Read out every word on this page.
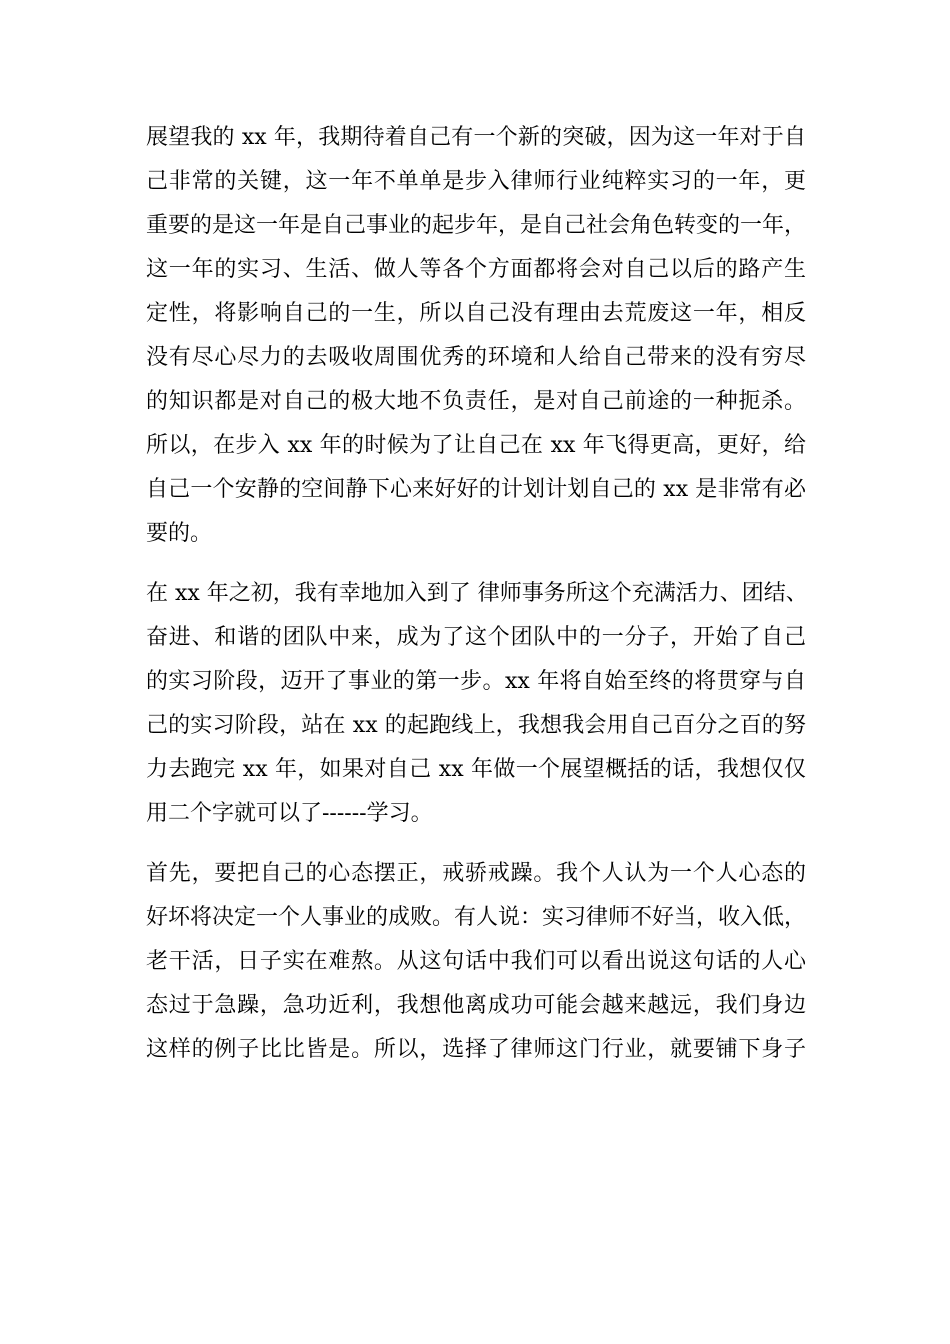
展望我的 xx 年，我期待着自己有一个新的突破，因为这一年对于自
己非常的关键，这一年不单单是步入律师行业纯粹实习的一年，更
重要的是这一年是自己事业的起步年，是自己社会角色转变的一年，
这一年的实习、生活、做人等各个方面都将会对自己以后的路产生
定性，将影响自己的一生，所以自己没有理由去荒废这一年，相反
没有尽心尽力的去吸收周围优秀的环境和人给自己带来的没有穷尽
的知识都是对自己的极大地不负责任，是对自己前途的一种扼杀。
所以，在步入 xx 年的时候为了让自己在 xx 年飞得更高，更好，给
自己一个安静的空间静下心来好好的计划计划自己的 xx 是非常有必
要的。
在 xx 年之初，我有幸地加入到了 律师事务所这个充满活力、团结、
奋进、和谐的团队中来，成为了这个团队中的一分子，开始了自己
的实习阶段，迈开了事业的第一步。xx 年将自始至终的将贯穿与自
己的实习阶段，站在 xx 的起跑线上，我想我会用自己百分之百的努
力去跑完 xx 年，如果对自己 xx 年做一个展望概括的话，我想仅仅
用二个字就可以了------学习。
首先，要把自己的心态摆正，戒骄戒躁。我个人认为一个人心态的
好坏将决定一个人事业的成败。有人说：实习律师不好当，收入低，
老干活，日子实在难熬。从这句话中我们可以看出说这句话的人心
态过于急躁，急功近利，我想他离成功可能会越来越远，我们身边
这样的例子比比皆是。所以，选择了律师这门行业，就要铺下身子
